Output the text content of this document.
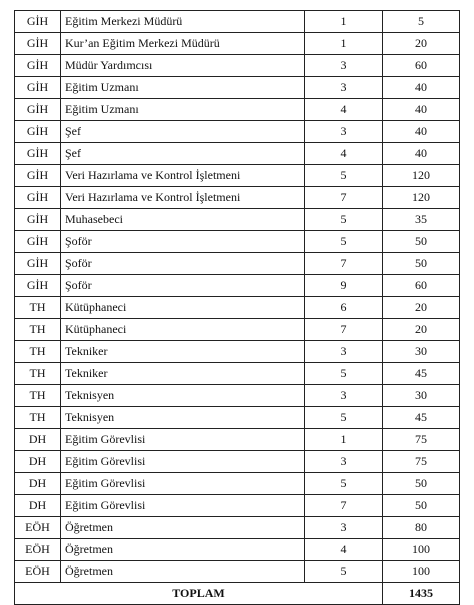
GİH	Eğitim Merkezi Müdürü	1	5
GİH	Kur’an Eğitim Merkezi Müdürü	1	20
GİH	Müdür Yardımcısı	3	60
GİH	Eğitim Uzmanı	3	40
GİH	Eğitim Uzmanı	4	40
GİH	Şef	3	40
GİH	Şef	4	40
GİH	Veri Hazırlama ve Kontrol İşletmeni	5	120
GİH	Veri Hazırlama ve Kontrol İşletmeni	7	120
GİH	Muhasebeci	5	35
GİH	Şoför	5	50
GİH	Şoför	7	50
GİH	Şoför	9	60
TH	Kütüphaneci	6	20
TH	Kütüphaneci	7	20
TH	Tekniker	3	30
TH	Tekniker	5	45
TH	Teknisyen	3	30
TH	Teknisyen	5	45
DH	Eğitim Görevlisi	1	75
DH	Eğitim Görevlisi	3	75
DH	Eğitim Görevlisi	5	50
DH	Eğitim Görevlisi	7	50
EÖH	Öğretmen	3	80
EÖH	Öğretmen	4	100
EÖH	Öğretmen	5	100
TOPLAM			1435
